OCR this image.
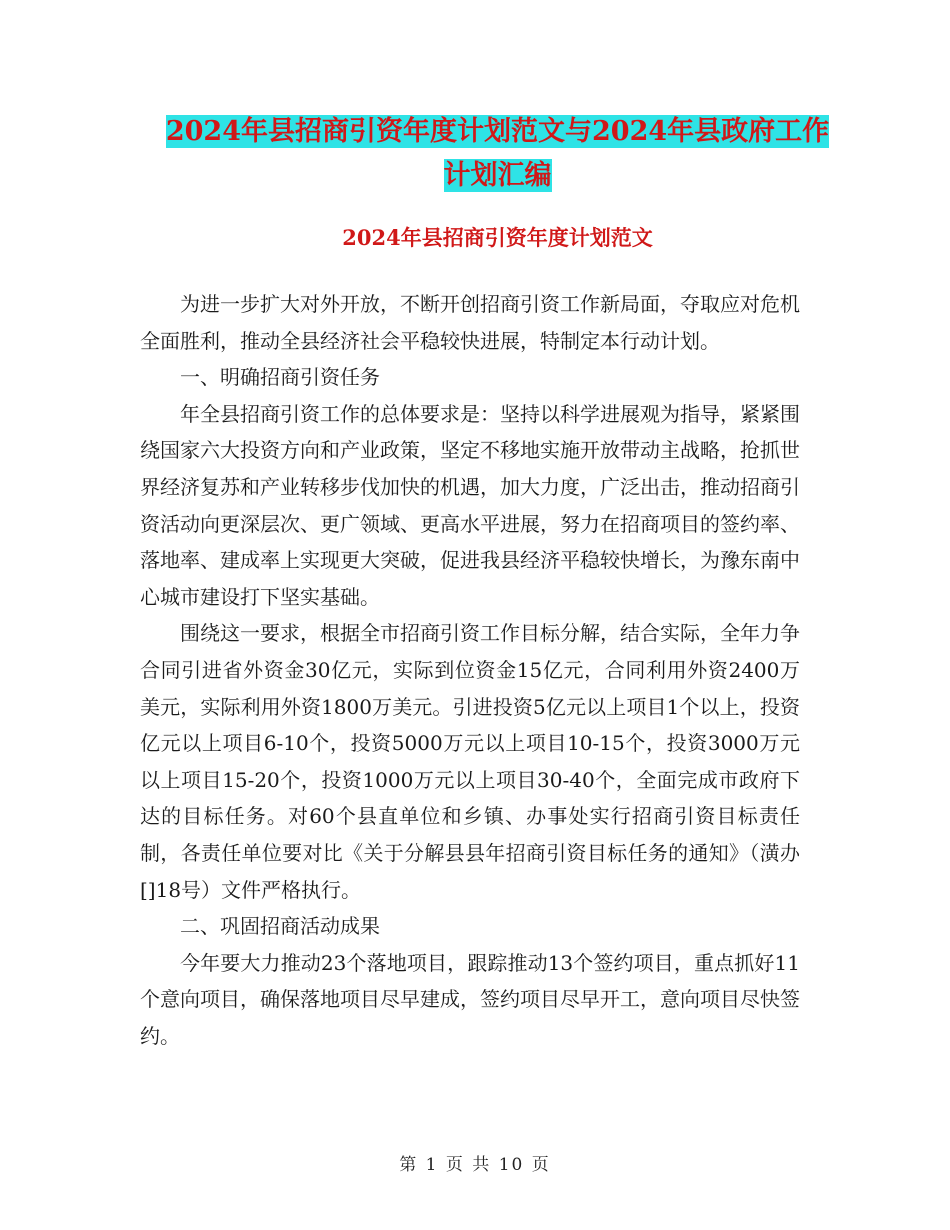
2024年县招商引资年度计划范文与2024年县政府工作
计划汇编
2024年县招商引资年度计划范文

为进一步扩大对外开放，不断开创招商引资工作新局面，夺取应对危机全面胜利，推动全县经济社会平稳较快进展，特制定本行动计划。

一、明确招商引资任务

年全县招商引资工作的总体要求是：坚持以科学进展观为指导，紧紧围绕国家六大投资方向和产业政策，坚定不移地实施开放带动主战略，抢抓世界经济复苏和产业转移步伐加快的机遇，加大力度，广泛出击，推动招商引资活动向更深层次、更广领域、更高水平进展，努力在招商项目的签约率、落地率、建成率上实现更大突破，促进我县经济平稳较快增长，为豫东南中心城市建设打下坚实基础。

围绕这一要求，根据全市招商引资工作目标分解，结合实际，全年力争合同引进省外资金30亿元，实际到位资金15亿元，合同利用外资2400万美元，实际利用外资1800万美元。引进投资5亿元以上项目1个以上，投资亿元以上项目6-10个，投资5000万元以上项目10-15个，投资3000万元以上项目15-20个，投资1000万元以上项目30-40个，全面完成市政府下达的目标任务。对60个县直单位和乡镇、办事处实行招商引资目标责任制，各责任单位要对比《关于分解县县年招商引资目标任务的通知》（潢办[]18号）文件严格执行。

二、巩固招商活动成果

今年要大力推动23个落地项目，跟踪推动13个签约项目，重点抓好11个意向项目，确保落地项目尽早建成，签约项目尽早开工，意向项目尽快签约。

第 1 页 共 10 页
